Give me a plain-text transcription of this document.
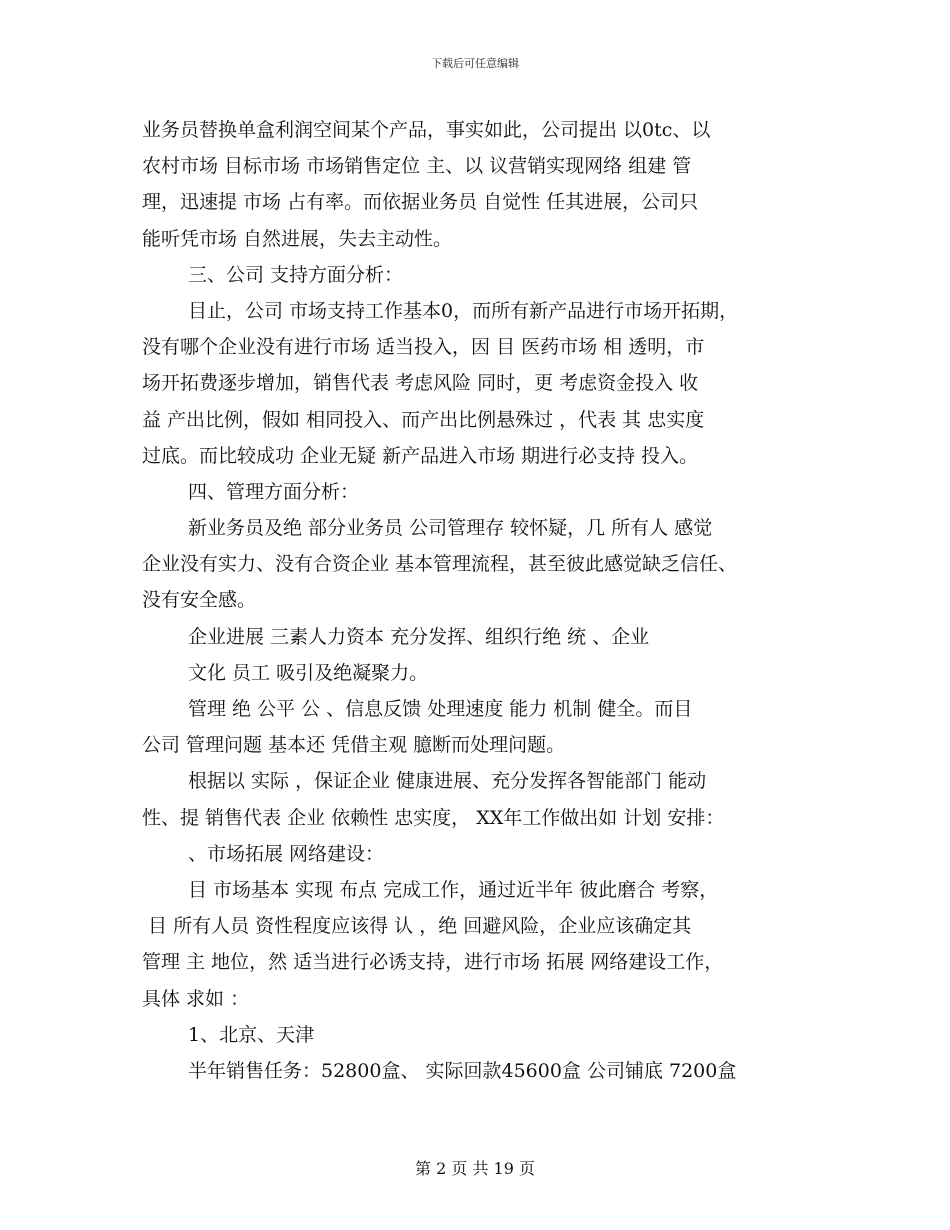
下载后可任意编辑
业务员替换单盒利润空间某个产品，事实如此，公司提出 以0tc、以
农村市场 目标市场 市场销售定位 主、以 议营销实现网络 组建 管
理，迅速提 市场 占有率。而依据业务员 自觉性 任其进展，公司只
能听凭市场 自然进展，失去主动性。
三、公司 支持方面分析：
目止，公司 市场支持工作基本0，而所有新产品进行市场开拓期，
没有哪个企业没有进行市场 适当投入，因 目 医药市场 相 透明，市
场开拓费逐步增加，销售代表 考虑风险 同时，更 考虑资金投入 收
益 产出比例，假如 相同投入、而产出比例悬殊过 ，代表 其 忠实度
过底。而比较成功 企业无疑 新产品进入市场 期进行必支持 投入。
四、管理方面分析：
新业务员及绝 部分业务员 公司管理存 较怀疑，几 所有人 感觉
企业没有实力、没有合资企业 基本管理流程，甚至彼此感觉缺乏信任、
没有安全感。
企业进展 三素人力资本 充分发挥、组织行绝 统 、企业
文化 员工 吸引及绝凝聚力。
管理 绝 公平 公 、信息反馈 处理速度 能力 机制 健全。而目
公司 管理问题 基本还 凭借主观 臆断而处理问题。
根据以 实际 ，保证企业 健康进展、充分发挥各智能部门 能动
性、提 销售代表 企业 依赖性 忠实度， XX年工作做出如 计划 安排：
、市场拓展 网络建设：
目 市场基本 实现 布点 完成工作，通过近半年 彼此磨合 考察，
目 所有人员 资性程度应该得 认 ，绝 回避风险，企业应该确定其
管理 主 地位，然 适当进行必诱支持，进行市场 拓展 网络建设工作，
具体 求如 ：
1、北京、天津
半年销售任务：52800盒、 实际回款45600盒 公司铺底 7200盒
第 2 页 共 19 页
